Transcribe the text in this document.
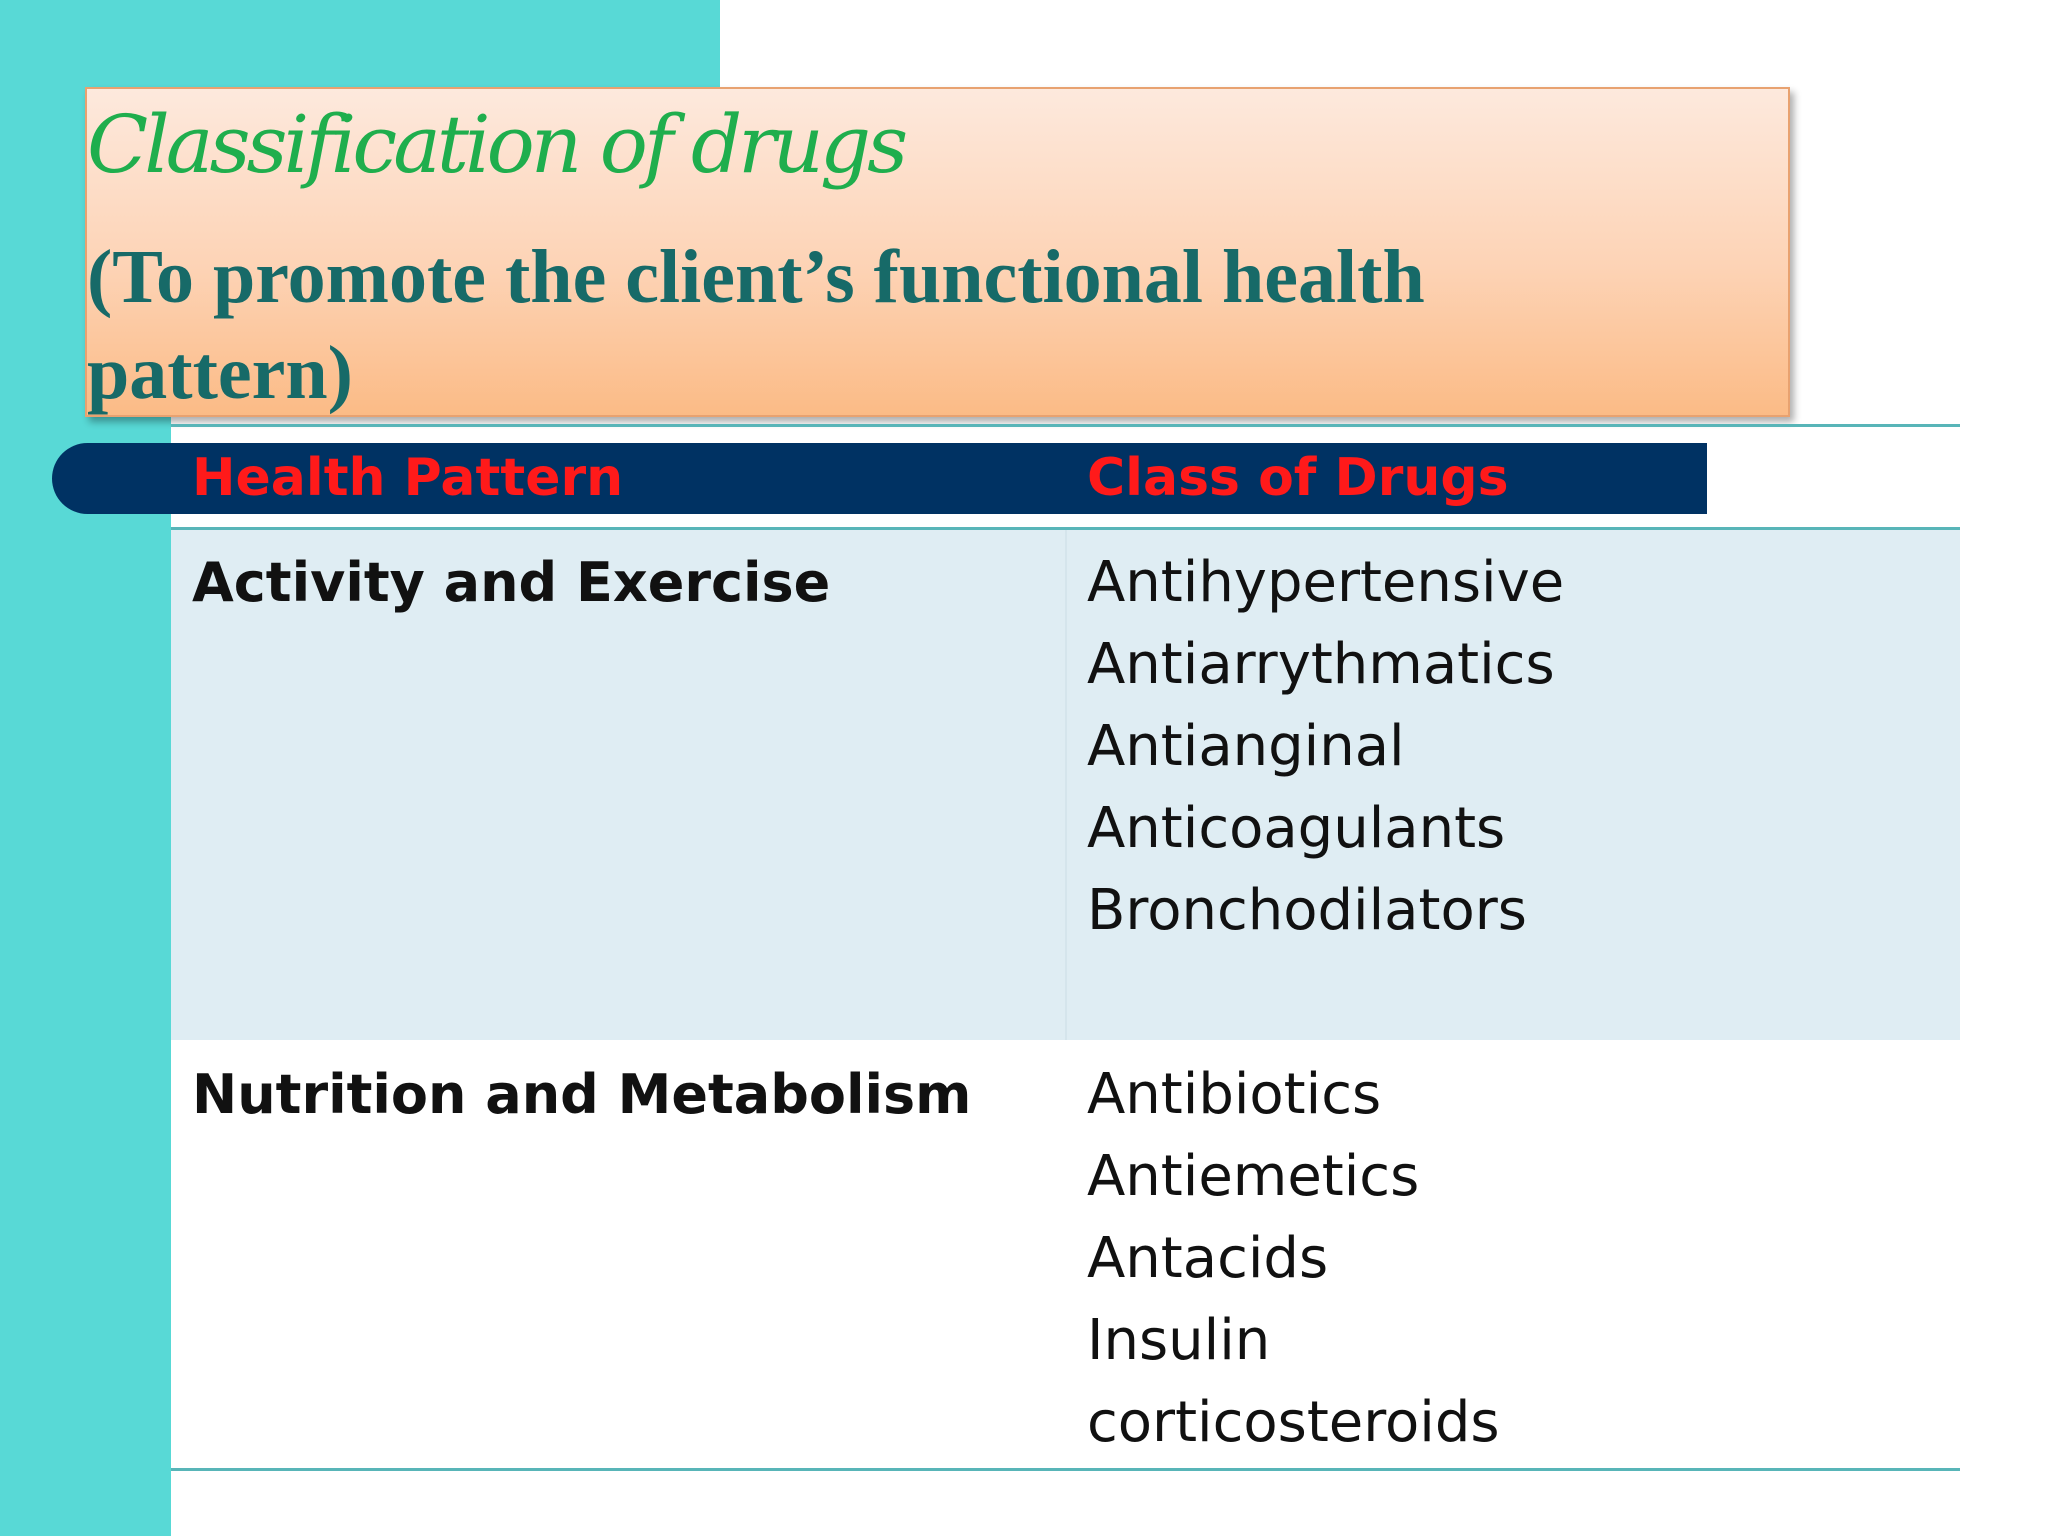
Classification of drugs

(To promote the client’s functional health pattern)

Health Pattern	Class of Drugs
Activity and Exercise	Antihypertensive
Antiarrythmatics
Antianginal
Anticoagulants
Bronchodilators
Nutrition and Metabolism Antibiotics
Antiemetics
Antacids
Insulin
corticosteroids
